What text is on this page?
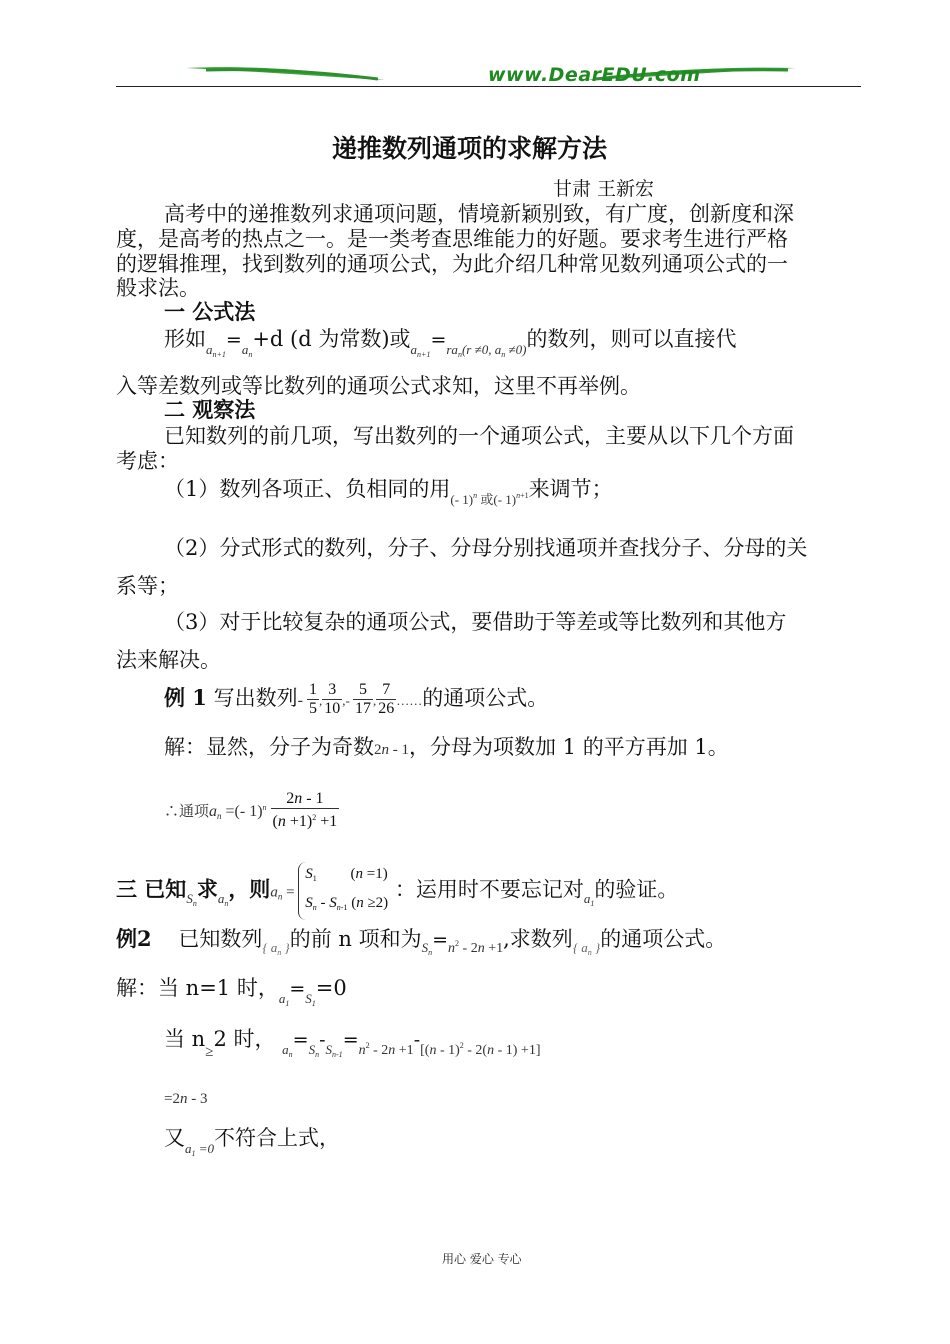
www.DearEDU.com
递推数列通项的求解方法
甘肃 王新宏
高考中的递推数列求通项问题，情境新颖别致，有广度，创新度和深
度，是高考的热点之一。是一类考查思维能力的好题。要求考生进行严格
的逻辑推理，找到数列的通项公式，为此介绍几种常见数列通项公式的一
般求法。
一 公式法
形如$_{a_{n+1}}=_{a_n}+d$ (d 为常数)或$_{a_{n+1}}=_{ra_n(r \ne 0, a_n \ne 0)}$的数列，则可以直接代
入等差数列或等比数列的通项公式求知，这里不再举例。
二 观察法
已知数列的前几项，写出数列的一个通项公式，主要从以下几个方面
考虑：
（1）数列各项正、负相同的用$_{(- 1)^n 或(- 1)^{n+1}}$来调节；
（2）分式形式的数列，分子、分母分别找通项并查找分子、分母的关
系等；
（3）对于比较复杂的通项公式，要借助于等差或等比数列和其他方
法来解决。
例 1 写出数列- $\frac{1}{5}$ , $\frac{3}{10}$ ,- $\frac{5}{17}$ , $\frac{7}{26}$ ……的通项公式。
解：显然，分子为奇数2n - 1，分母为项数加 1 的平方再加 1。
∴通项$a_n$ =(- $1)^n \frac{2n - 1}{(n +1)^2 +1}$
三 已知$_{S_n}$求$_{a_n}$，则$a_n$ =
$S_1$         (n =1)
$S_n - S_{n-1}$ (n ≥2)
：运用时不要忘记对$_{a_1}$的验证。
例2 已知数列$_{\{ a_n \}}$的前 n 项和为$_{S_n}=_{n^2 - 2n +1}$,求数列$_{\{ a_n \}}$的通项公式。
解：当 n=1 时，$_{a_1}=_{S_1}=0$
当 $n_\ge 2$ 时， $_{a_n}=_{S_n}-_{S_{n-1}}=_{n^2 - 2n +1}-_{[(n - 1)^2 - 2(n - 1) +1]}$
=2n - 3
又$_{a_1 =0}$不符合上式，
用心 爱心 专心
